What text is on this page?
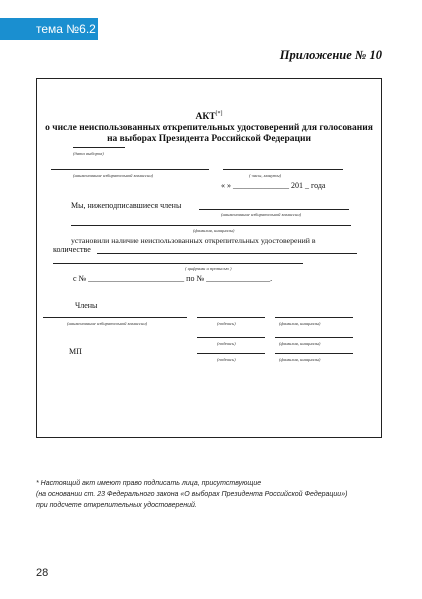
тема №6.2
Приложение № 10
АКТ[*]
о числе неиспользованных открепительных удостоверений для голосования
на выборах Президента Российской Федерации
(дата выборов)
(наименование избирательной комиссии)	( часы, минуты)
« » ______________ 201 _ года
Мы, нижеподписавшиеся члены
(наименование избирательной комиссии)
(фамилия, инициалы)
установили наличие неиспользованных открепительных удостоверений в
количестве
( цифрами и прописью )
с № ________________________ по № ________________.
Члены
(наименование избирательной комиссии)	(подпись)	(фамилия, инициалы)
(подпись)	(фамилия, инициалы)
МП
(подпись)	(фамилия, инициалы)
* Настоящий акт имеют право подписать лица, присутствующие
(на основании ст. 23 Федерального закона «О выборах Президента Российской Федерации»)
при подсчете открепительных удостоверений.
28
